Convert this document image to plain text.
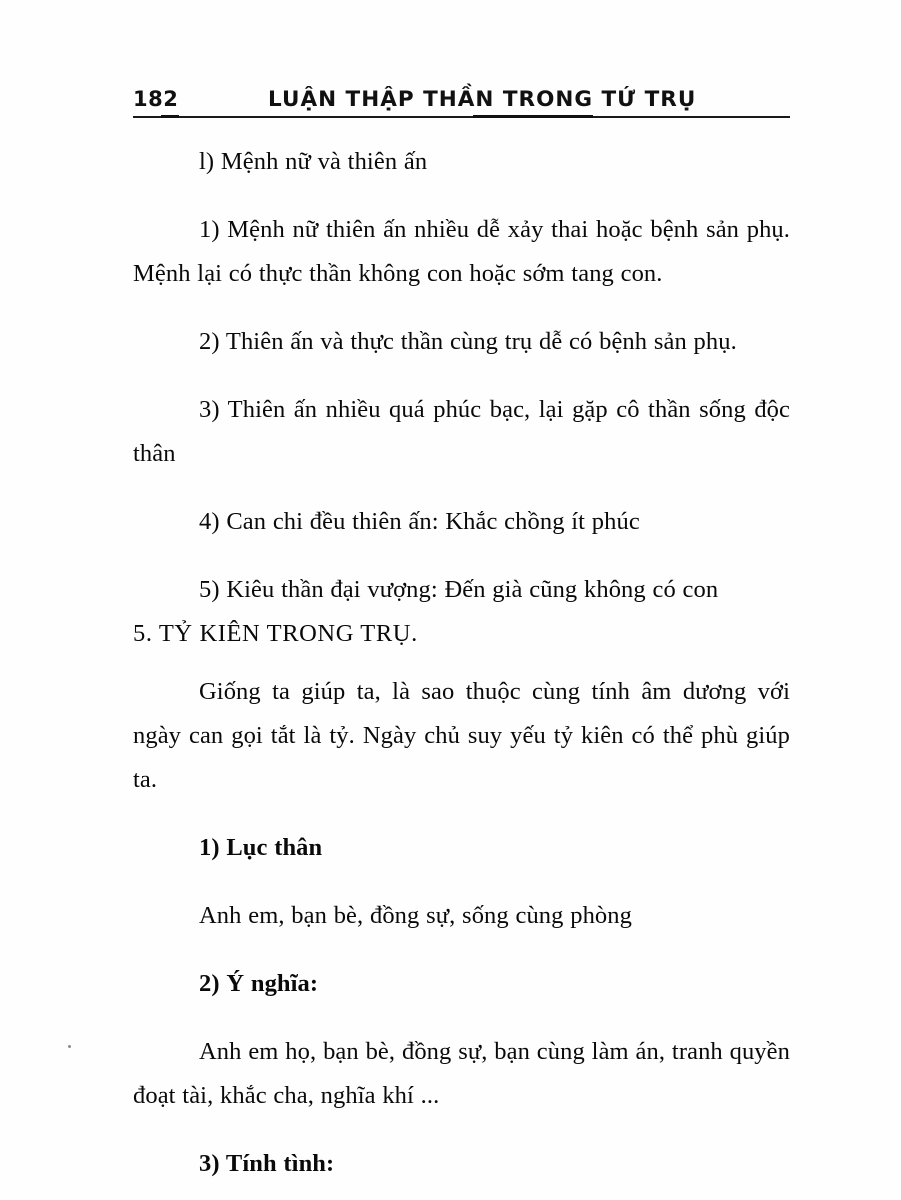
182	LUẬN THẬP THẦN TRONG TỨ TRỤ

l) Mệnh nữ và thiên ấn

1) Mệnh nữ thiên ấn nhiều dễ xảy thai hoặc bệnh sản phụ. Mệnh lại có thực thần không con hoặc sớm tang con.

2) Thiên ấn và thực thần cùng trụ dễ có bệnh sản phụ.

3) Thiên ấn nhiều quá phúc bạc, lại gặp cô thần sống độc thân

4) Can chi đều thiên ấn: Khắc chồng ít phúc

5) Kiêu thần đại vượng: Đến già cũng không có con

5. TỶ KIÊN TRONG TRỤ.

Giống ta giúp ta, là sao thuộc cùng tính âm dương với ngày can gọi tắt là tỷ. Ngày chủ suy yếu tỷ kiên có thể phù giúp ta.

1) Lục thân

Anh em, bạn bè, đồng sự, sống cùng phòng

2) Ý nghĩa:

Anh em họ, bạn bè, đồng sự, bạn cùng làm án, tranh quyền đoạt tài, khắc cha, nghĩa khí ...

3) Tính tình:
